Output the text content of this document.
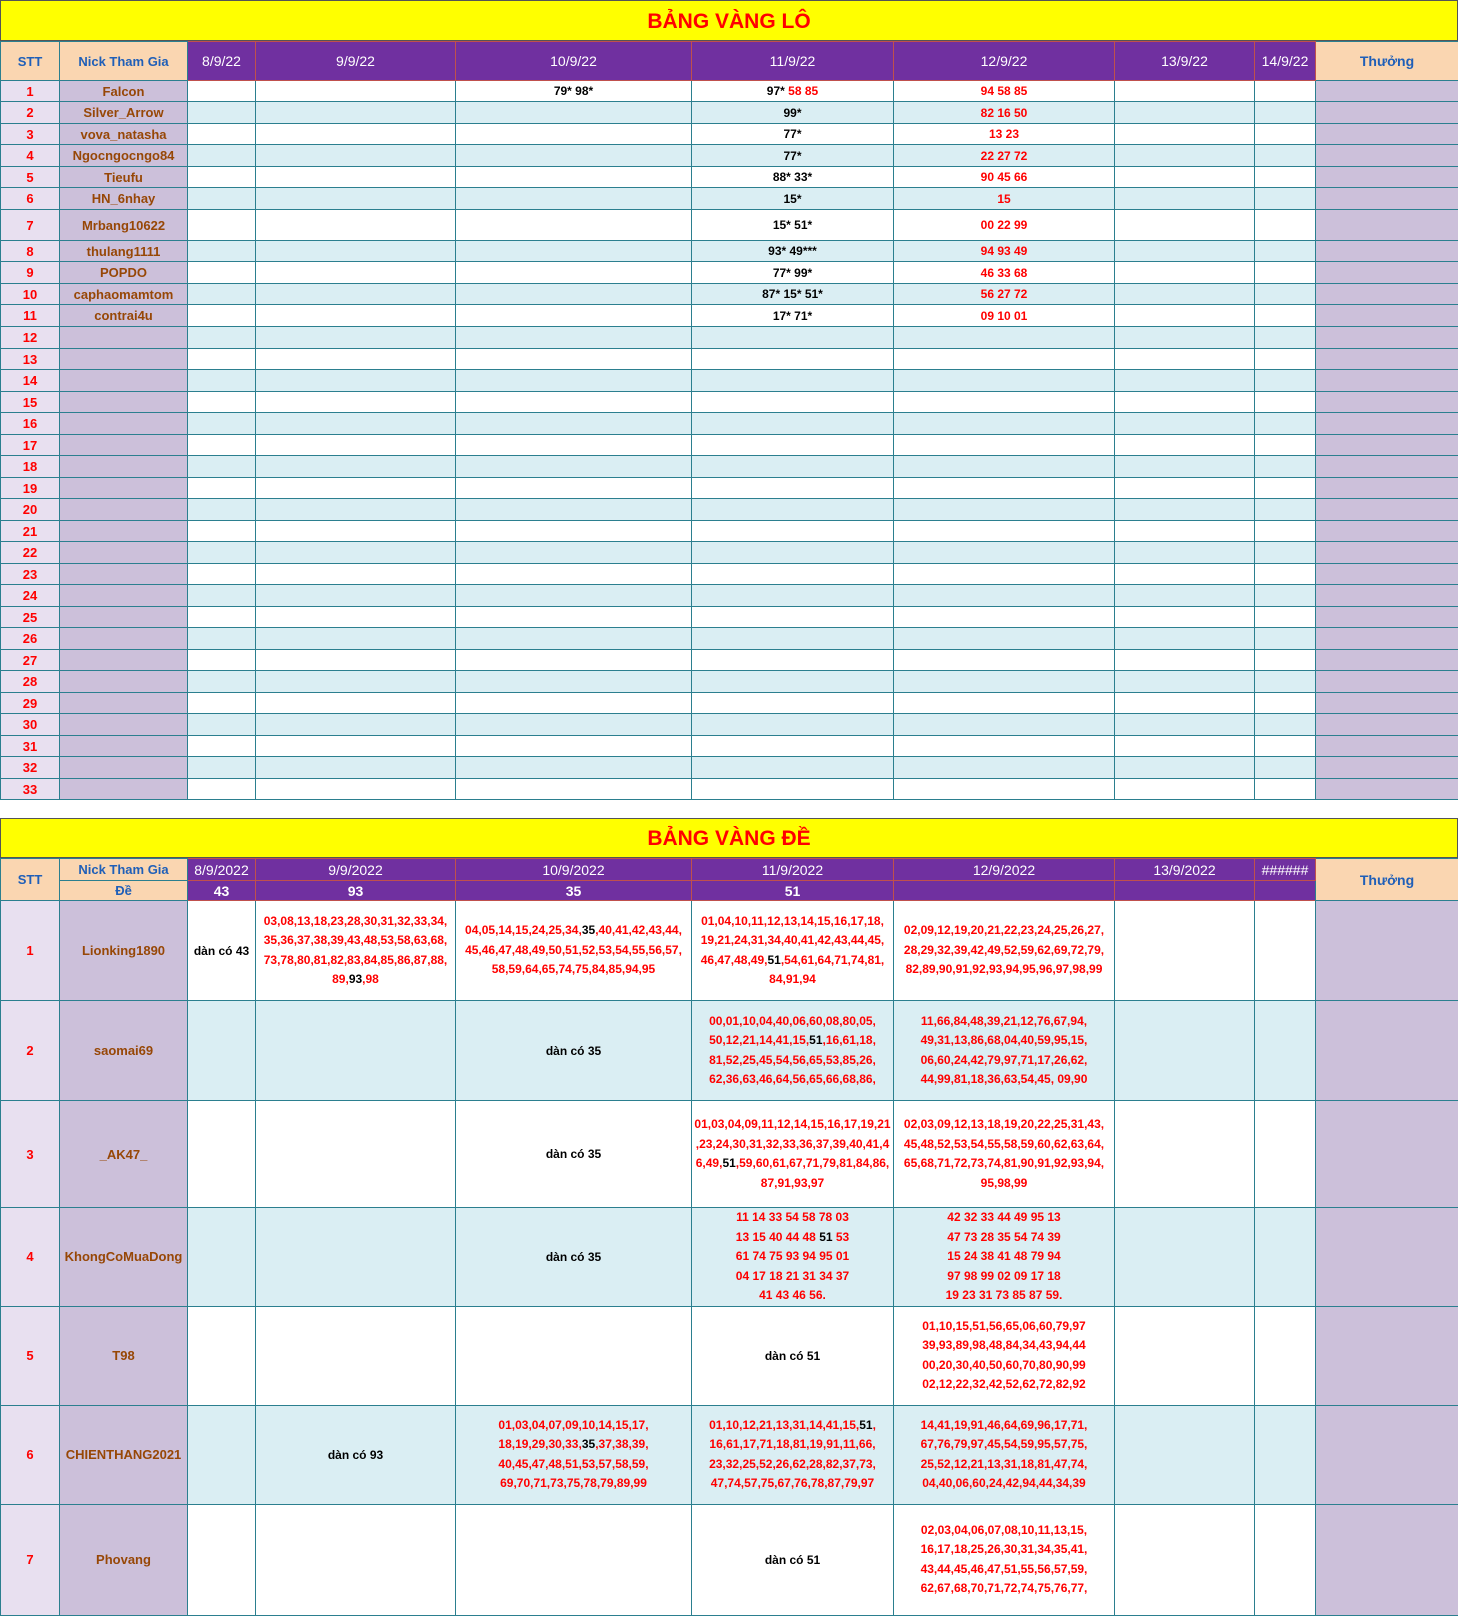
BẢNG VÀNG LÔ
STT	Nick Tham Gia	8/9/22	9/9/22	10/9/22	11/9/22	12/9/22	13/9/22	14/9/22	Thưởng
1	Falcon			79* 98*	97* 58 85	94 58 85			
2	Silver_Arrow				99*	82 16 50			
3	vova_natasha				77*	13 23			
4	Ngocngocngo84				77*	22 27 72			
5	Tieufu				88* 33*	90 45 66			
6	HN_6nhay				15*	15			
7	Mrbang10622				15* 51*	00 22 99			
8	thulang1111				93* 49***	94 93 49			
9	POPDO				77* 99*	46 33 68			
10	caphaomamtom				87* 15* 51*	56 27 72			
11	contrai4u				17* 71*	09 10 01			
12									
13									
14									
15									
16									
17									
18									
19									
20									
21									
22									
23									
24									
25									
26									
27									
28									
29									
30									
31									
32									
33									
BẢNG VÀNG ĐỀ
STT	Nick Tham Gia	8/9/2022	9/9/2022	10/9/2022	11/9/2022	12/9/2022	13/9/2022	######	Thưởng
	Đề	43	93	35	51				
1	Lionking1890	dàn có 43	03,08,13,18,23,28,30,31,32,33,34,
35,36,37,38,39,43,48,53,58,63,68,
73,78,80,81,82,83,84,85,86,87,88,
89,93,98	04,05,14,15,24,25,34,35,40,41,42,43,44,
45,46,47,48,49,50,51,52,53,54,55,56,57,
58,59,64,65,74,75,84,85,94,95	01,04,10,11,12,13,14,15,16,17,18,
19,21,24,31,34,40,41,42,43,44,45,
46,47,48,49,51,54,61,64,71,74,81,
84,91,94	02,09,12,19,20,21,22,23,24,25,26,27,
28,29,32,39,42,49,52,59,62,69,72,79,
82,89,90,91,92,93,94,95,96,97,98,99			
2	saomai69			dàn có 35	00,01,10,04,40,06,60,08,80,05,
50,12,21,14,41,15,51,16,61,18,
81,52,25,45,54,56,65,53,85,26,
62,36,63,46,64,56,65,66,68,86,	11,66,84,48,39,21,12,76,67,94,
49,31,13,86,68,04,40,59,95,15,
06,60,24,42,79,97,71,17,26,62,
44,99,81,18,36,63,54,45, 09,90			
3	_AK47_			dàn có 35	01,03,04,09,11,12,14,15,16,17,19,21
,23,24,30,31,32,33,36,37,39,40,41,4
6,49,51,59,60,61,67,71,79,81,84,86,
87,91,93,97	02,03,09,12,13,18,19,20,22,25,31,43,
45,48,52,53,54,55,58,59,60,62,63,64,
65,68,71,72,73,74,81,90,91,92,93,94,
95,98,99			
4	KhongCoMuaDong			dàn có 35	11 14 33 54 58 78 03
13 15 40 44 48 51 53
61 74 75 93 94 95 01
04 17 18 21 31 34 37
41 43 46 56.	42 32 33 44 49 95 13
47 73 28 35 54 74 39
15 24 38 41 48 79 94
97 98 99 02 09 17 18
19 23 31 73 85 87 59.			
5	T98				dàn có 51	01,10,15,51,56,65,06,60,79,97
39,93,89,98,48,84,34,43,94,44
00,20,30,40,50,60,70,80,90,99
02,12,22,32,42,52,62,72,82,92			
6	CHIENTHANG2021		dàn có 93	01,03,04,07,09,10,14,15,17,
18,19,29,30,33,35,37,38,39,
40,45,47,48,51,53,57,58,59,
69,70,71,73,75,78,79,89,99	01,10,12,21,13,31,14,41,15,51,
16,61,17,71,18,81,19,91,11,66,
23,32,25,52,26,62,28,82,37,73,
47,74,57,75,67,76,78,87,79,97	14,41,19,91,46,64,69,96,17,71,
67,76,79,97,45,54,59,95,57,75,
25,52,12,21,13,31,18,81,47,74,
04,40,06,60,24,42,94,44,34,39			
7	Phovang				dàn có 51	02,03,04,06,07,08,10,11,13,15,
16,17,18,25,26,30,31,34,35,41,
43,44,45,46,47,51,55,56,57,59,
62,67,68,70,71,72,74,75,76,77,			
